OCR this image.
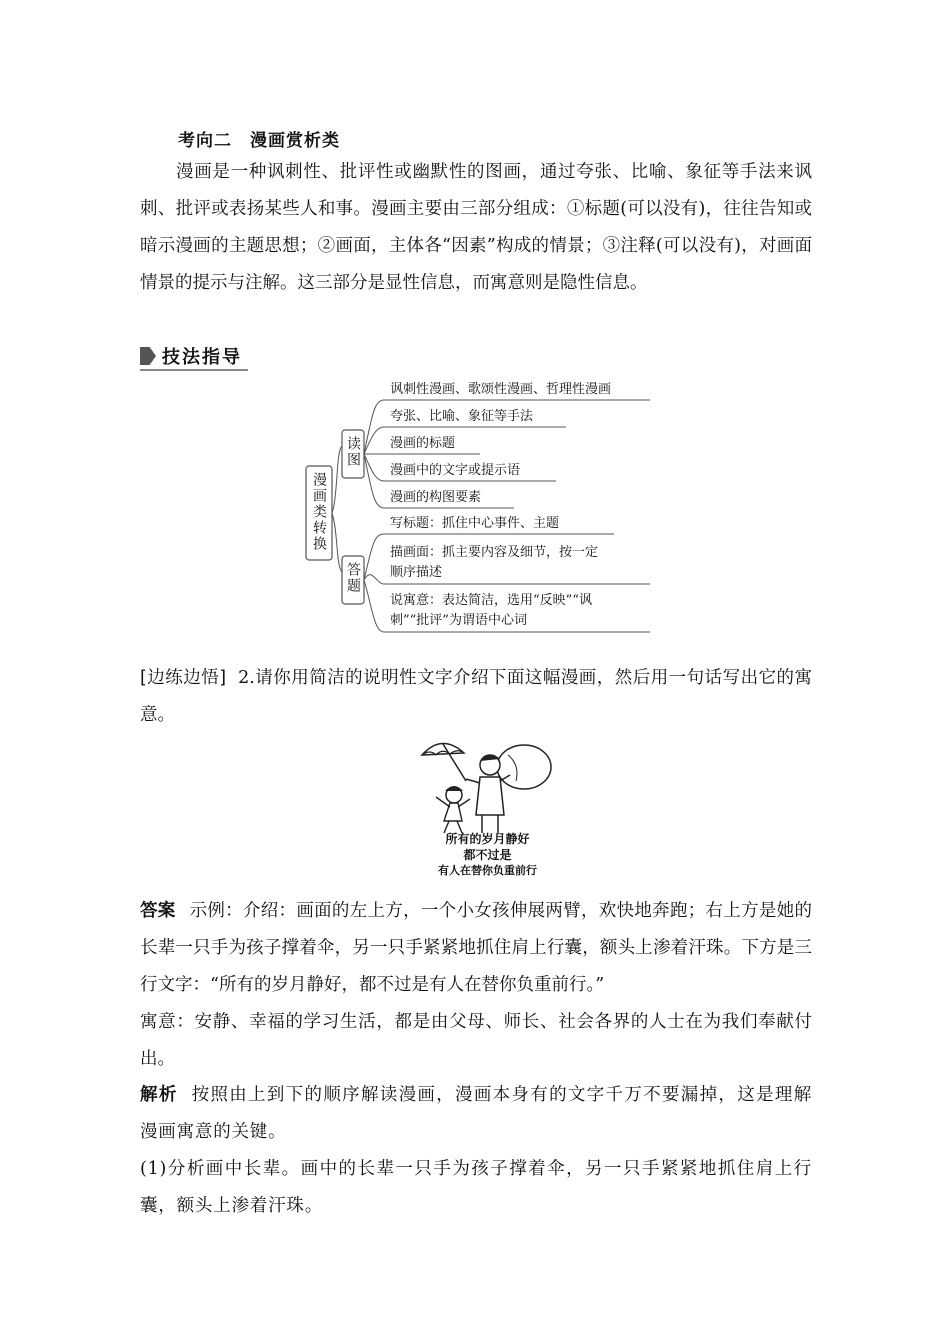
考向二 漫画赏析类
漫画是一种讽刺性、批评性或幽默性的图画，通过夸张、比喻、象征等手法来讽刺、批评或表扬某些人和事。漫画主要由三部分组成：①标题(可以没有)，往往告知或暗示漫画的主题思想；②画面，主体各“因素”构成的情景；③注释(可以没有)，对画面情景的提示与注解。这三部分是显性信息，而寓意则是隐性信息。
技法指导
漫画类转换
读图
答题
讽刺性漫画、歌颂性漫画、哲理性漫画
夸张、比喻、象征等手法
漫画的标题
漫画中的文字或提示语
漫画的构图要素
写标题：抓住中心事件、主题
描画面：抓主要内容及细节，按一定
顺序描述
说寓意：表达简洁，选用“反映”“讽
刺”“批评”为谓语中心词
[边练边悟] 2.请你用简洁的说明性文字介绍下面这幅漫画，然后用一句话写出它的寓意。
所有的岁月静好
都不过是
有人在替你负重前行
答案 示例：介绍：画面的左上方，一个小女孩伸展两臂，欢快地奔跑；右上方是她的长辈一只手为孩子撑着伞，另一只手紧紧地抓住肩上行囊，额头上渗着汗珠。下方是三行文字：“所有的岁月静好，都不过是有人在替你负重前行。”
寓意：安静、幸福的学习生活，都是由父母、师长、社会各界的人士在为我们奉献付出。
解析 按照由上到下的顺序解读漫画，漫画本身有的文字千万不要漏掉，这是理解漫画寓意的关键。
(1)分析画中长辈。画中的长辈一只手为孩子撑着伞，另一只手紧紧地抓住肩上行囊，额头上渗着汗珠。
